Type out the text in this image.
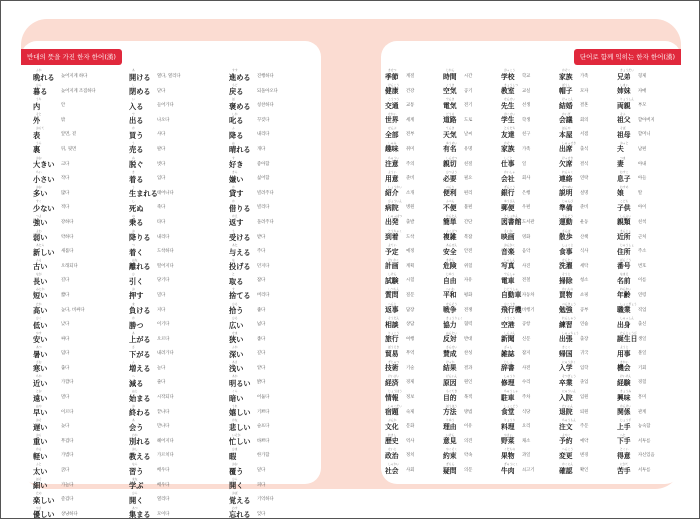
반대의 뜻을 가진 한자 한어(漢)
ふか
晩れる 늦어지게 하다
ひら
暮る	늦어지게 조짐하다
うち
内	안
そと
外	밖
おもて
表	앞면, 겉
うら
裏	뒤, 뒷면
おお
大きい 크다
ちい
小さい 작다
おお
多い	많다
すく
少ない 적다
つよ
強い	강하다
よわ
弱い	약하다
あたら
新しい 새롭다
ふる
古い	오래되다
なが
長い	길다
みじか
短い	짧다
たか
高い	높다, 비싸다
ひく
低い	낮다
やす
安い	싸다
あつ
暑い	덥다
さむ
寒い	춥다
ちか
近い	가깝다
とお
遠い	멀다
はや
早い	이르다
おそ
遅い	늦다
おも
重い	무겁다
かる
軽い	가볍다
ふと
太い	굵다
ほそ
細い	가늘다
たの
楽しい 즐겁다
やさ
優しい 상냥하다
あ
開ける 열다, 열리다
し
閉める 닫다
い
入る	들어가다
で
出る	나오다
か
買う	사다
う
売る	팔다
ぬ
脱ぐ	벗다
き
着る	입다
う
生まれる 태어나다
し
死ぬ	죽다
の
乗る	타다
お
降りる 내리다
つ
着く	도착하다
はな
離れる 떨어지다
ひ
引く	당기다
お
押す	밀다
ま
負ける 지다
か
勝つ	이기다
あ
上がる 오르다
さ
下がる 내려가다
ふ
増える 늘다
へ
減る	줄다
はじ
始まる 시작되다
お
終わる 끝나다
あ
会う	만나다
わか
別れる 헤어지다
おし
教える 가르치다
なら
習う	배우다
まな
学ぶ	배우다
ひら
開く	열리다
あつ
集まる 모이다
すす
進める 진행하다
もど
戻る	되돌아오다
ほ
褒める 칭찬하다
しか
叱る	꾸짖다
ふ
降る	내리다
は
晴れる 개다
す
好き	좋아함
きら
嫌い	싫어함
か
貸す	빌려주다
か
借りる 빌리다
かえ
返す	돌려주다
う
受ける 받다
あた
与える 주다
な
投げる 던지다
と
取る	잡다
す
捨てる 버리다
ひろ
拾う	줍다
ひろ
広い	넓다
せま
狭い	좁다
ふか
深い	깊다
あさ
浅い	얕다
あか
明るい 밝다
くら
暗い	어둡다
うれ
嬉しい 기쁘다
かな
悲しい 슬프다
いそが
忙しい 바쁘다
ひま
暇	한가함
おお
覆う	덮다
ひら
開く	펴다
おぼ
覚える 기억하다
わす
忘れる 잊다
단어로 함께 익히는 한자 한어(漢)
きせつ
季節 계절
けんこう
健康 건강
こうつう
交通 교통
せかい
世界 세계
ぜんぶ
全部 전부
しゅみ
趣味 취미
ちゅうい
注意 주의
ようい
用意 준비
しょうかい
紹介 소개
びょういん
病院 병원
しゅっぱつ
出発 출발
とうちゃく
到着 도착
よてい
予定 예정
けいかく
計画 계획
しけん
試験 시험
しつもん
質問 질문
へんじ
返事 답장
そうだん
相談 상담
りょこう
旅行 여행
ぼうえき
貿易 무역
ぎじゅつ
技術 기술
けいざい
経済 경제
じょうほう
情報 정보
しゅくだい
宿題 숙제
ぶんか
文化 문화
れきし
歴史 역사
せいじ
政治 정치
しゃかい
社会 사회
じかん
時間 시간
くうき
空気 공기
でんき
電気 전기
どうろ
道路 도로
てんき
天気 날씨
ゆうめい
有名 유명
しんせつ
親切 친절
ひつよう
必要 필요
べんり
便利 편리
ふべん
不便 불편
かんたん
簡単 간단
ふくざつ
複雑 복잡
あんぜん
安全 안전
きけん
危険 위험
じゆう
自由 자유
へいわ
平和 평화
せんそう
戦争 전쟁
きょうりょく
協力 협력
はんたい
反対 반대
さんせい
賛成 찬성
けっか
結果 결과
げんいん
原因 원인
もくてき
目的 목적
ほうほう
方法 방법
りゆう
理由 이유
いけん
意見 의견
やくそく
約束 약속
ぎもん
疑問 의문
がっこう
学校 학교
きょうしつ
教室 교실
せんせい
先生 선생
がくせい
学生 학생
ともだち
友達 친구
かぞく
家族 가족
しごと
仕事 일
かいしゃ
会社 회사
ぎんこう
銀行 은행
ゆうびん
郵便 우편
としょかん
図書館 도서관
えいが
映画 영화
おんがく
音楽 음악
しゃしん
写真 사진
でんしゃ
電車 전철
じどうしゃ
自動車 자동차
ひこうき
飛行機 비행기
くうこう
空港 공항
しんぶん
新聞 신문
ざっし
雑誌 잡지
じしょ
辞書 사전
しゅうり
修理 수리
ちゅうしゃ
駐車 주차
しょくどう
食堂 식당
りょうり
料理 요리
やさい
野菜 채소
くだもの
果物 과일
ぎゅうにく
牛肉 쇠고기
かぞく
家族 가족
ぼうし
帽子 모자
けっこん
結婚 결혼
かいぎ
会議 회의
ほんや
本屋 서점
しゅっせき
出席 출석
けっせき
欠席 결석
れんらく
連絡 연락
せつめい
説明 설명
じゅんび
準備 준비
うんどう
運動 운동
さんぽ
散歩 산책
しょくじ
食事 식사
せんたく
洗濯 세탁
そうじ
掃除 청소
かいもの
買物 쇼핑
べんきょう
勉強 공부
れんしゅう
練習 연습
しゅっちょう
出張 출장
きこく
帰国 귀국
にゅうがく
入学 입학
そつぎょう
卒業 졸업
にゅういん
入院 입원
たいいん
退院 퇴원
ちゅうもん
注文 주문
よやく
予約 예약
へんこう
変更 변경
かくにん
確認 확인
きょうだい
兄弟 형제
しまい
姉妹 자매
りょうしん
両親 부모
そふ
祖父 할아버지
そぼ
祖母 할머니
おっと
夫	남편
つま
妻	아내
むすこ
息子 아들
むすめ
娘	딸
こども
子供 아이
しんるい
親類 친척
きんじょ
近所 근처
じゅうしょ
住所 주소
ばんごう
番号 번호
なまえ
名前 이름
ねんれい
年齢 연령
しょくぎょう
職業 직업
しゅっしん
出身 출신
たんじょうび
誕生日 생일
ようじ
用事 볼일
きかい
機会 기회
けいけん
経験 경험
きょうみ
興味 흥미
かんけい
関係 관계
じょうず
上手 능숙함
へた
下手 서투름
とくい
得意 자신있음
にがて
苦手 서투름
